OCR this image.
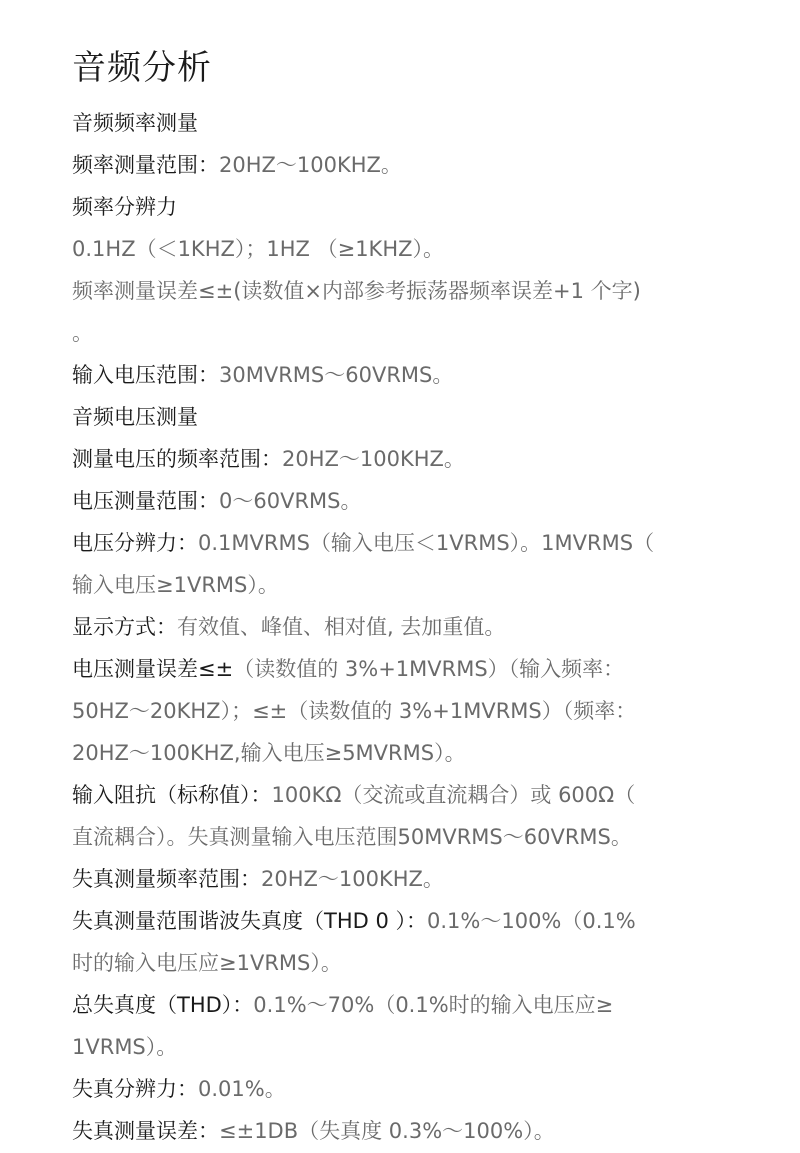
音频分析
音频频率测量
频率测量范围：20HZ～100KHZ。
频率分辨力
0.1HZ（＜1KHZ）；1HZ （≥1KHZ）。
频率测量误差≤±(读数值×内部参考振荡器频率误差+1 个字)
。
输入电压范围：30MVRMS～60VRMS。
音频电压测量
测量电压的频率范围：20HZ～100KHZ。
电压测量范围：0～60VRMS。
电压分辨力：0.1MVRMS（输入电压＜1VRMS）。1MVRMS（
输入电压≥1VRMS）。
显示方式：有效值、峰值、相对值, 去加重值。
电压测量误差≤±（读数值的 3%+1MVRMS）（输入频率：
50HZ～20KHZ）；≤±（读数值的 3%+1MVRMS）（频率：
20HZ～100KHZ,输入电压≥5MVRMS）。
输入阻抗（标称值）：100KΩ（交流或直流耦合）或 600Ω（
直流耦合）。失真测量输入电压范围50MVRMS～60VRMS。
失真测量频率范围：20HZ～100KHZ。
失真测量范围谐波失真度（THD 0 ）：0.1%～100%（0.1%
时的输入电压应≥1VRMS）。
总失真度（THD）：0.1%～70%（0.1%时的输入电压应≥
1VRMS）。
失真分辨力：0.01%。
失真测量误差：≤±1DB（失真度 0.3%～100%）。
